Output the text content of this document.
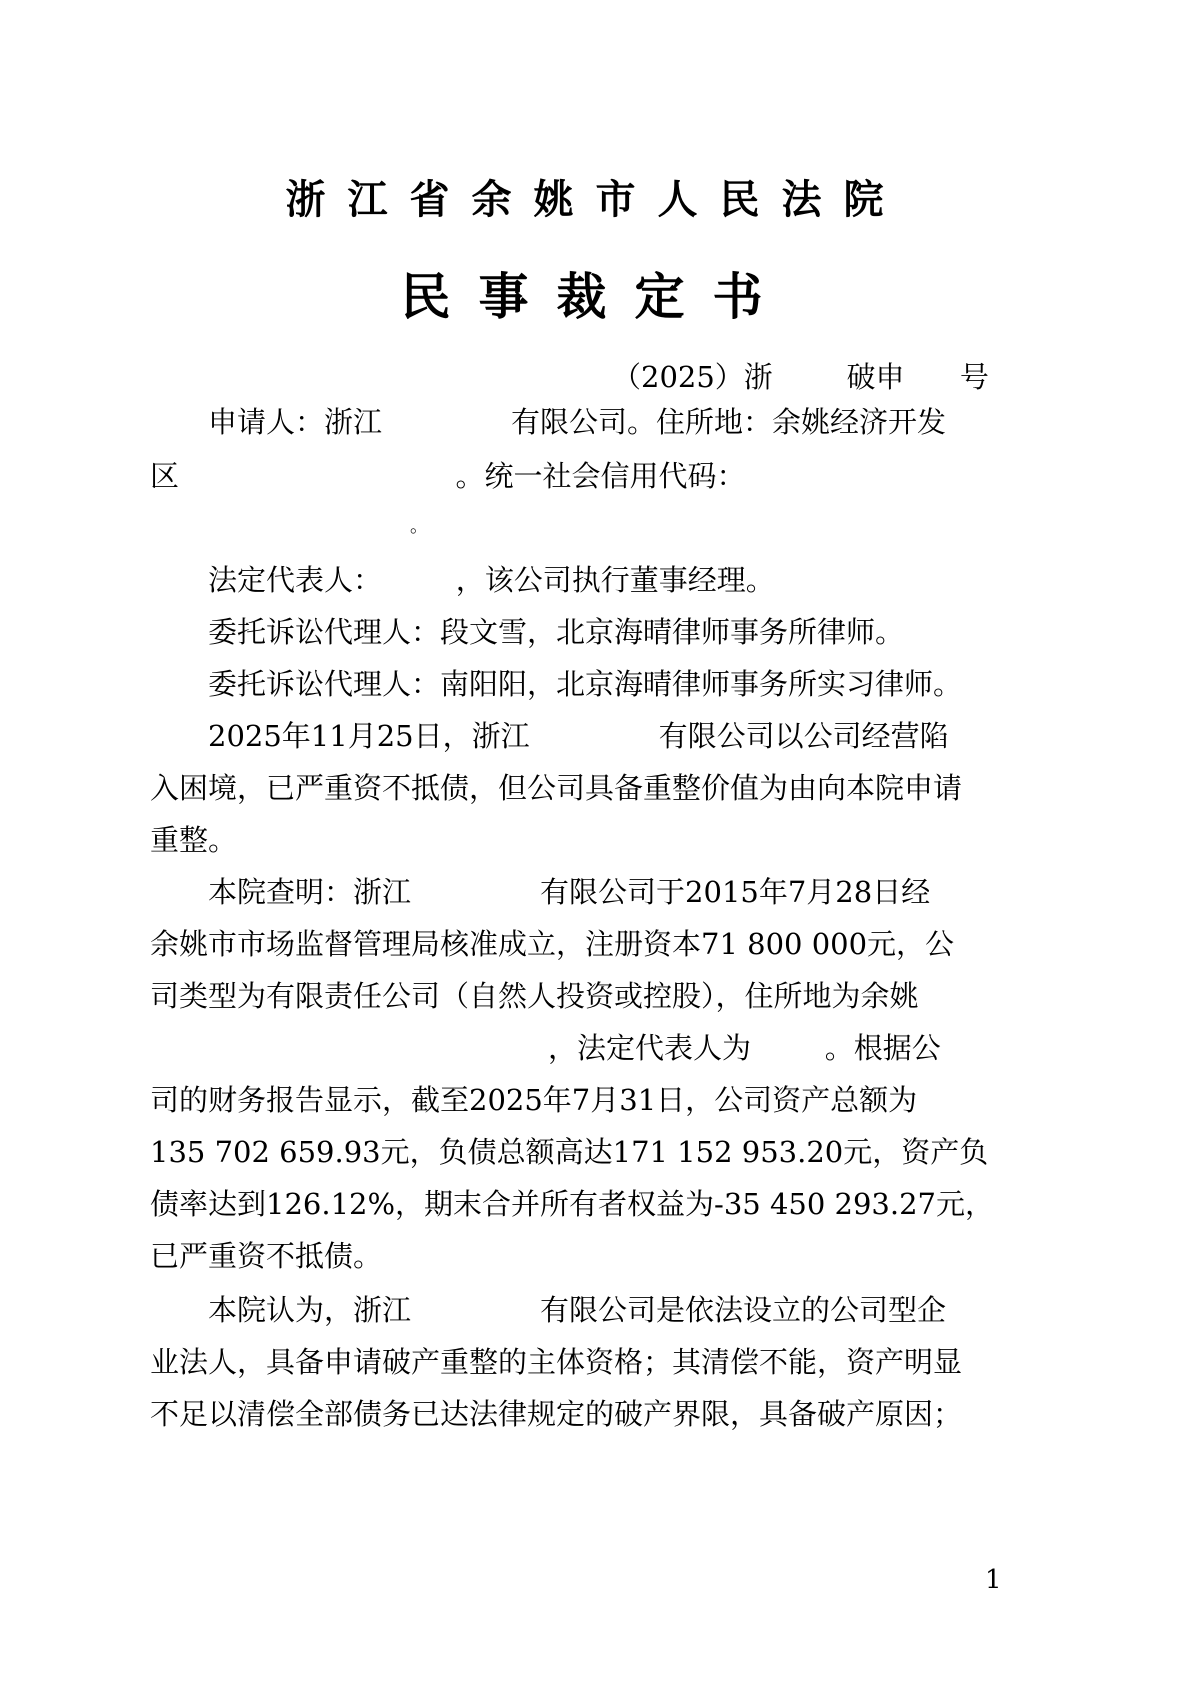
浙江省余姚市人民法院
民事裁定书
（2025）浙        破申      号
申请人：浙江              有限公司。住所地：余姚经济开发
区                              。统一社会信用代码：
。
法定代表人：        ，该公司执行董事经理。
委托诉讼代理人：段文雪，北京海晴律师事务所律师。
委托诉讼代理人：南阳阳，北京海晴律师事务所实习律师。
2025年11月25日，浙江              有限公司以公司经营陷
入困境，已严重资不抵债，但公司具备重整价值为由向本院申请
重整。
本院查明：浙江              有限公司于2015年7月28日经
余姚市市场监督管理局核准成立，注册资本71 800 000元，公
司类型为有限责任公司（自然人投资或控股），住所地为余姚
，法定代表人为        。根据公
司的财务报告显示，截至2025年7月31日，公司资产总额为
135 702 659.93元，负债总额高达171 152 953.20元，资产负
债率达到126.12%，期末合并所有者权益为-35 450 293.27元，
已严重资不抵债。
本院认为，浙江              有限公司是依法设立的公司型企
业法人，具备申请破产重整的主体资格；其清偿不能，资产明显
不足以清偿全部债务已达法律规定的破产界限，具备破产原因；
1
